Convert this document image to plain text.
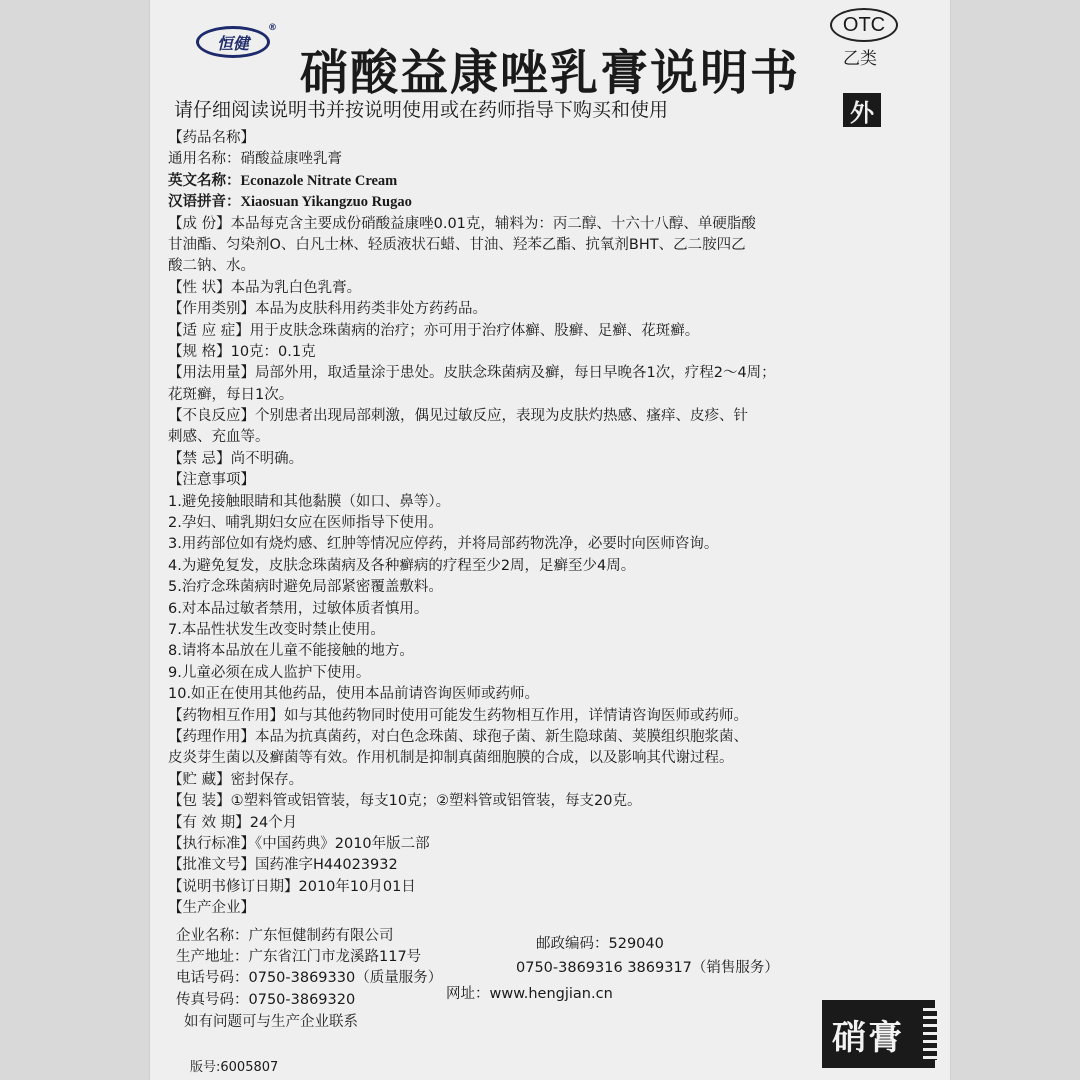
恒健
®
硝酸益康唑乳膏说明书
OTC
乙类
请仔细阅读说明书并按说明使用或在药师指导下购买和使用	外
【药品名称】
通用名称：硝酸益康唑乳膏
英文名称：Econazole Nitrate Cream
汉语拼音：Xiaosuan Yikangzuo Rugao
【成 份】本品每克含主要成份硝酸益康唑0.01克，辅料为：丙二醇、十六十八醇、单硬脂酸
甘油酯、匀染剂O、白凡士林、轻质液状石蜡、甘油、羟苯乙酯、抗氧剂BHT、乙二胺四乙
酸二钠、水。
【性 状】本品为乳白色乳膏。
【作用类别】本品为皮肤科用药类非处方药药品。
【适 应 症】用于皮肤念珠菌病的治疗；亦可用于治疗体癣、股癣、足癣、花斑癣。
【规 格】10克：0.1克
【用法用量】局部外用，取适量涂于患处。皮肤念珠菌病及癣，每日早晚各1次，疗程2～4周；
花斑癣，每日1次。
【不良反应】个别患者出现局部刺激，偶见过敏反应，表现为皮肤灼热感、瘙痒、皮疹、针
刺感、充血等。
【禁 忌】尚不明确。
【注意事项】
1.避免接触眼睛和其他黏膜（如口、鼻等）。
2.孕妇、哺乳期妇女应在医师指导下使用。
3.用药部位如有烧灼感、红肿等情况应停药，并将局部药物洗净，必要时向医师咨询。
4.为避免复发，皮肤念珠菌病及各种癣病的疗程至少2周，足癣至少4周。
5.治疗念珠菌病时避免局部紧密覆盖敷料。
6.对本品过敏者禁用，过敏体质者慎用。
7.本品性状发生改变时禁止使用。
8.请将本品放在儿童不能接触的地方。
9.儿童必须在成人监护下使用。
10.如正在使用其他药品，使用本品前请咨询医师或药师。
【药物相互作用】如与其他药物同时使用可能发生药物相互作用，详情请咨询医师或药师。
【药理作用】本品为抗真菌药，对白色念珠菌、球孢子菌、新生隐球菌、荚膜组织胞浆菌、
皮炎芽生菌以及癣菌等有效。作用机制是抑制真菌细胞膜的合成，以及影响其代谢过程。
【贮 藏】密封保存。
【包 装】①塑料管或铝管装，每支10克；②塑料管或铝管装，每支20克。
【有 效 期】24个月
【执行标准】《中国药典》2010年版二部
【批准文号】国药准字H44023932
【说明书修订日期】2010年10月01日
【生产企业】
企业名称：广东恒健制药有限公司
生产地址：广东省江门市龙溪路117号
邮政编码：529040
电话号码：0750-3869330（质量服务）
0750-3869316 3869317（销售服务）
传真号码：0750-3869320	网址：www.hengjian.cn
如有问题可与生产企业联系	硝膏
版号:6005807
